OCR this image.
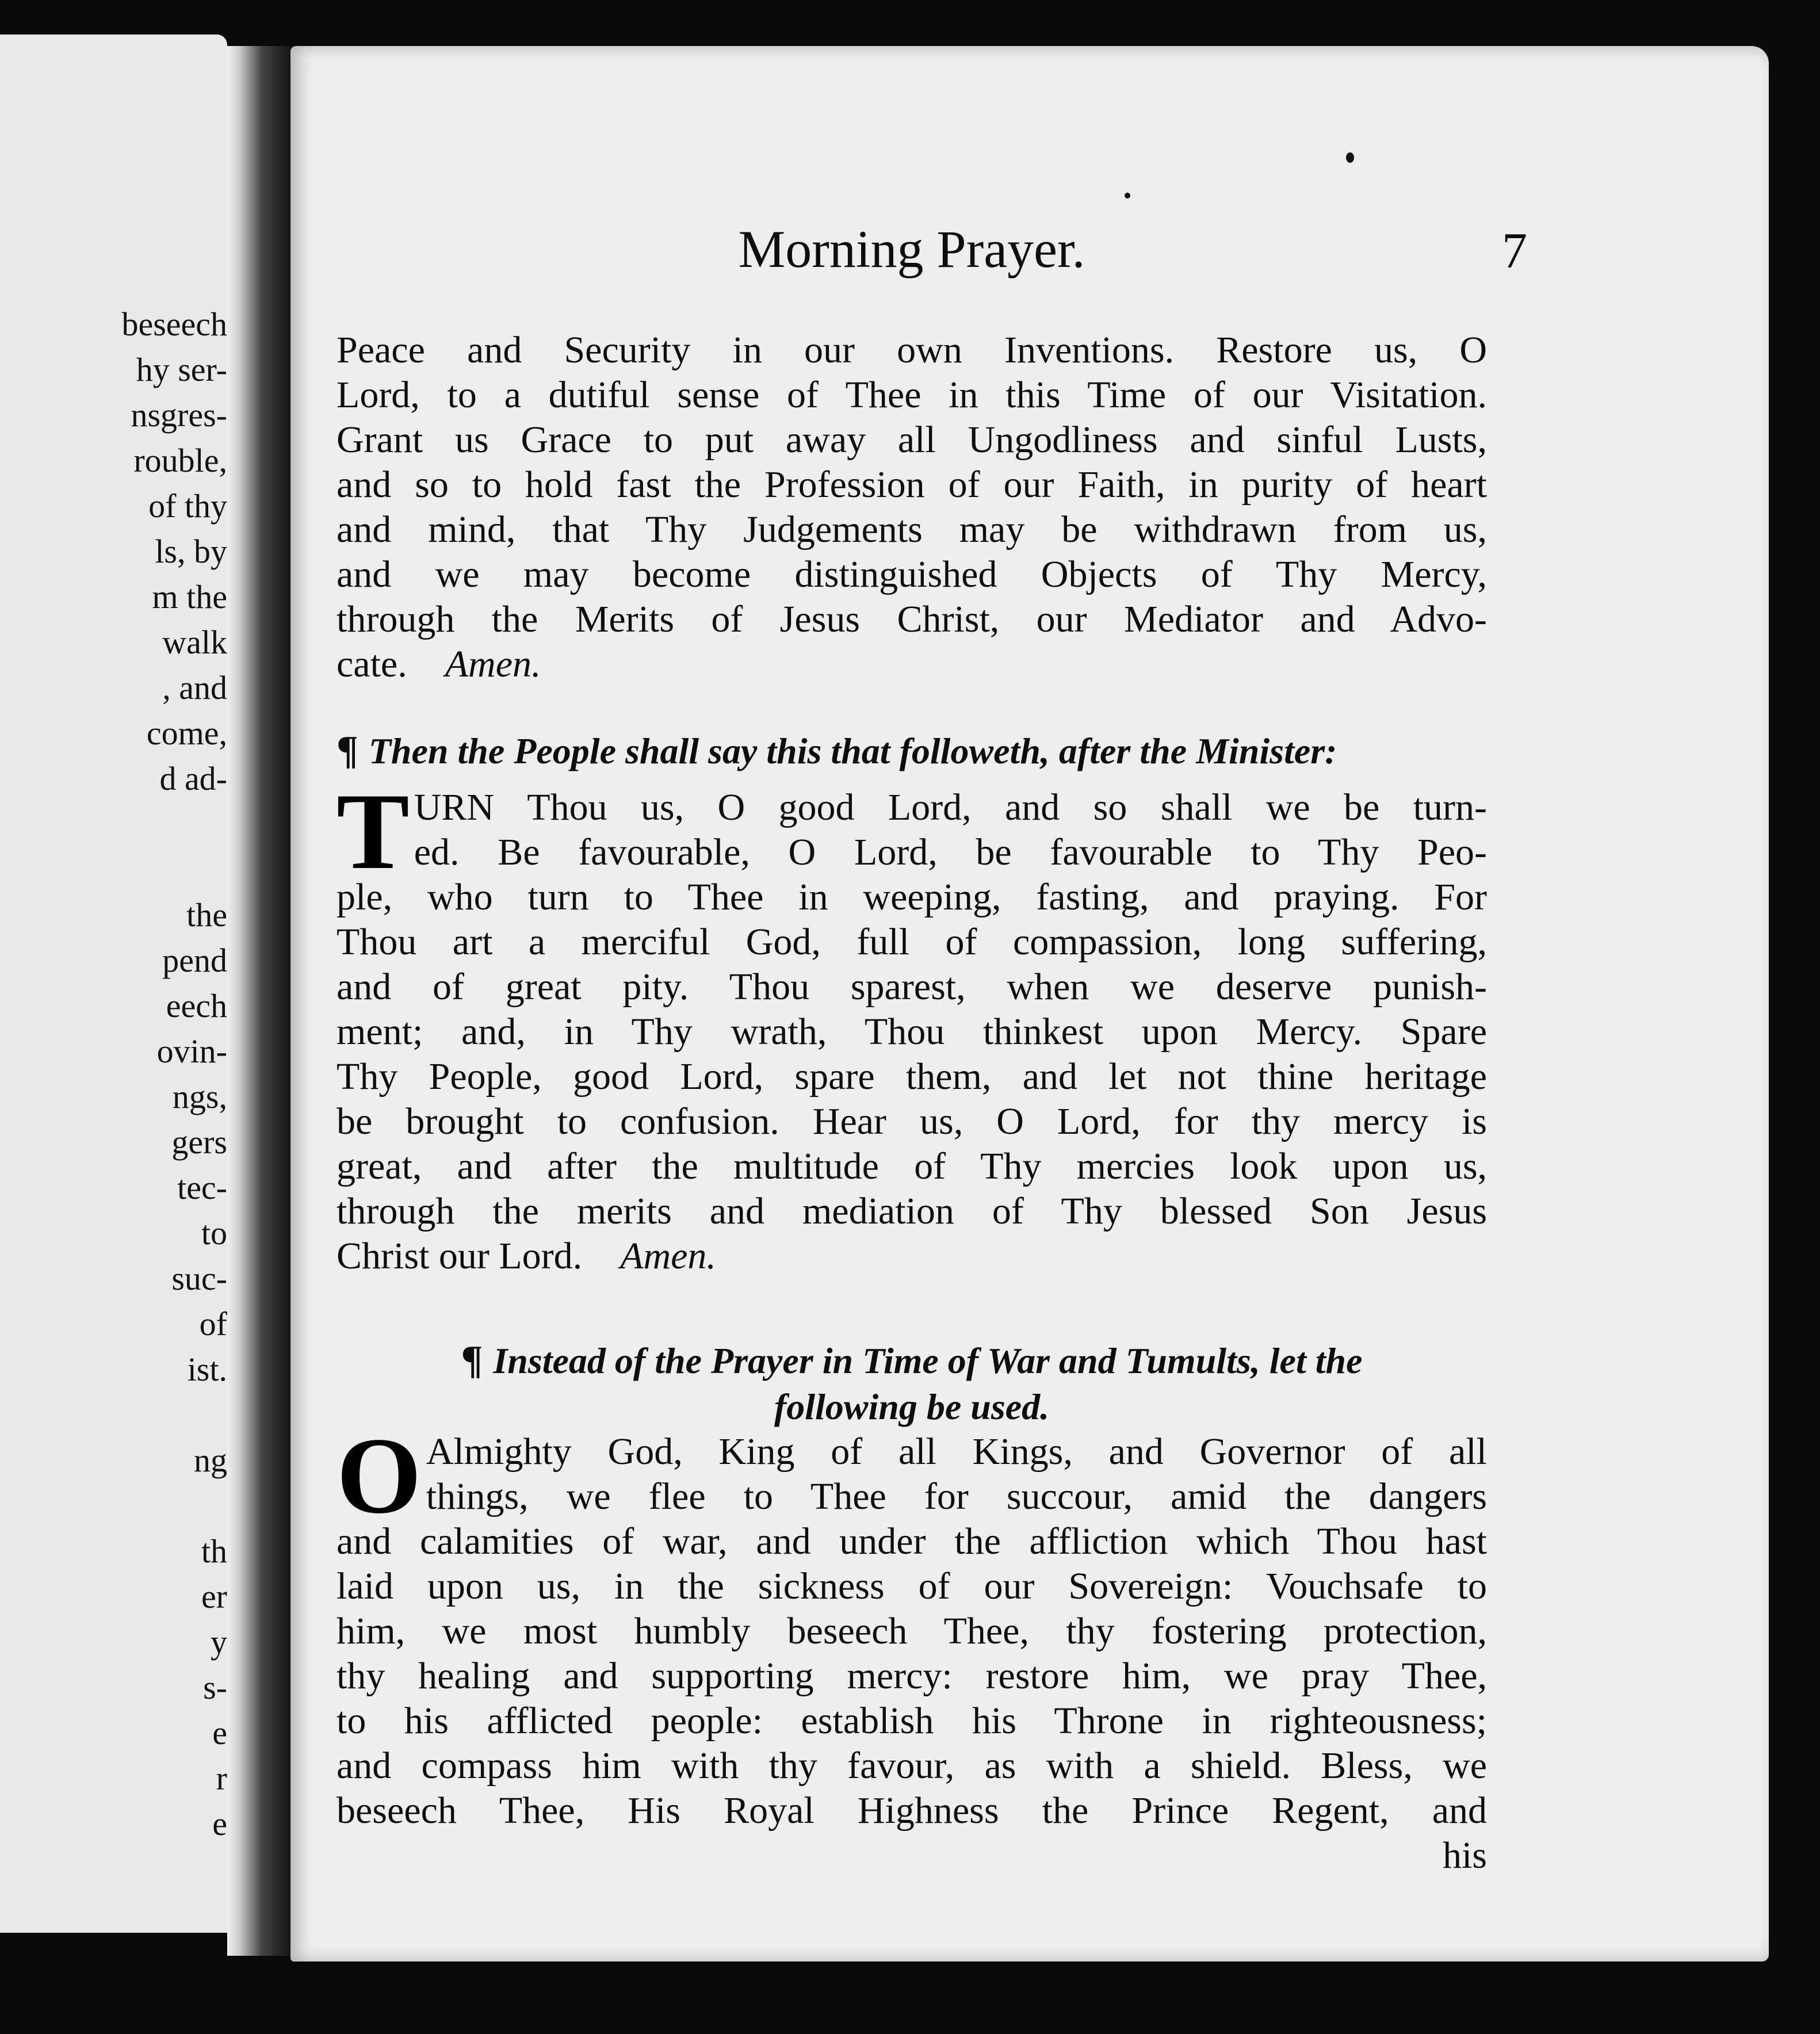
beseech
hy ser-
nsgres-
rouble,
of thy
ls, by
m the
walk
, and
come,
d ad-
the
pend
eech
ovin-
ngs,
gers
tec-
to
suc-
of
ist.
ng
th
er
y
s-
e
r
e
Morning Prayer.	7
Peace and Security in our own Inventions. Restore us, O
Lord, to a dutiful sense of Thee in this Time of our Visitation.
Grant us Grace to put away all Ungodliness and sinful Lusts,
and so to hold fast the Profession of our Faith, in purity of heart
and mind, that Thy Judgements may be withdrawn from us,
and we may become distinguished Objects of Thy Mercy,
through the Merits of Jesus Christ, our Mediator and Advo-
cate. Amen.
¶ Then the People shall say this that followeth, after the Minister:
T URN Thou us, O good Lord, and so shall we be turn-
ed. Be favourable, O Lord, be favourable to Thy Peo-
ple, who turn to Thee in weeping, fasting, and praying. For
Thou art a merciful God, full of compassion, long suffering,
and of great pity. Thou sparest, when we deserve punish-
ment; and, in Thy wrath, Thou thinkest upon Mercy. Spare
Thy People, good Lord, spare them, and let not thine heritage
be brought to confusion. Hear us, O Lord, for thy mercy is
great, and after the multitude of Thy mercies look upon us,
through the merits and mediation of Thy blessed Son Jesus
Christ our Lord. Amen.
¶ Instead of the Prayer in Time of War and Tumults, let the
following be used.
O Almighty God, King of all Kings, and Governor of all
things, we flee to Thee for succour, amid the dangers
and calamities of war, and under the affliction which Thou hast
laid upon us, in the sickness of our Sovereign: Vouchsafe to
him, we most humbly beseech Thee, thy fostering protection,
thy healing and supporting mercy: restore him, we pray Thee,
to his afflicted people: establish his Throne in righteousness;
and compass him with thy favour, as with a shield. Bless, we
beseech Thee, His Royal Highness the Prince Regent, and
his
